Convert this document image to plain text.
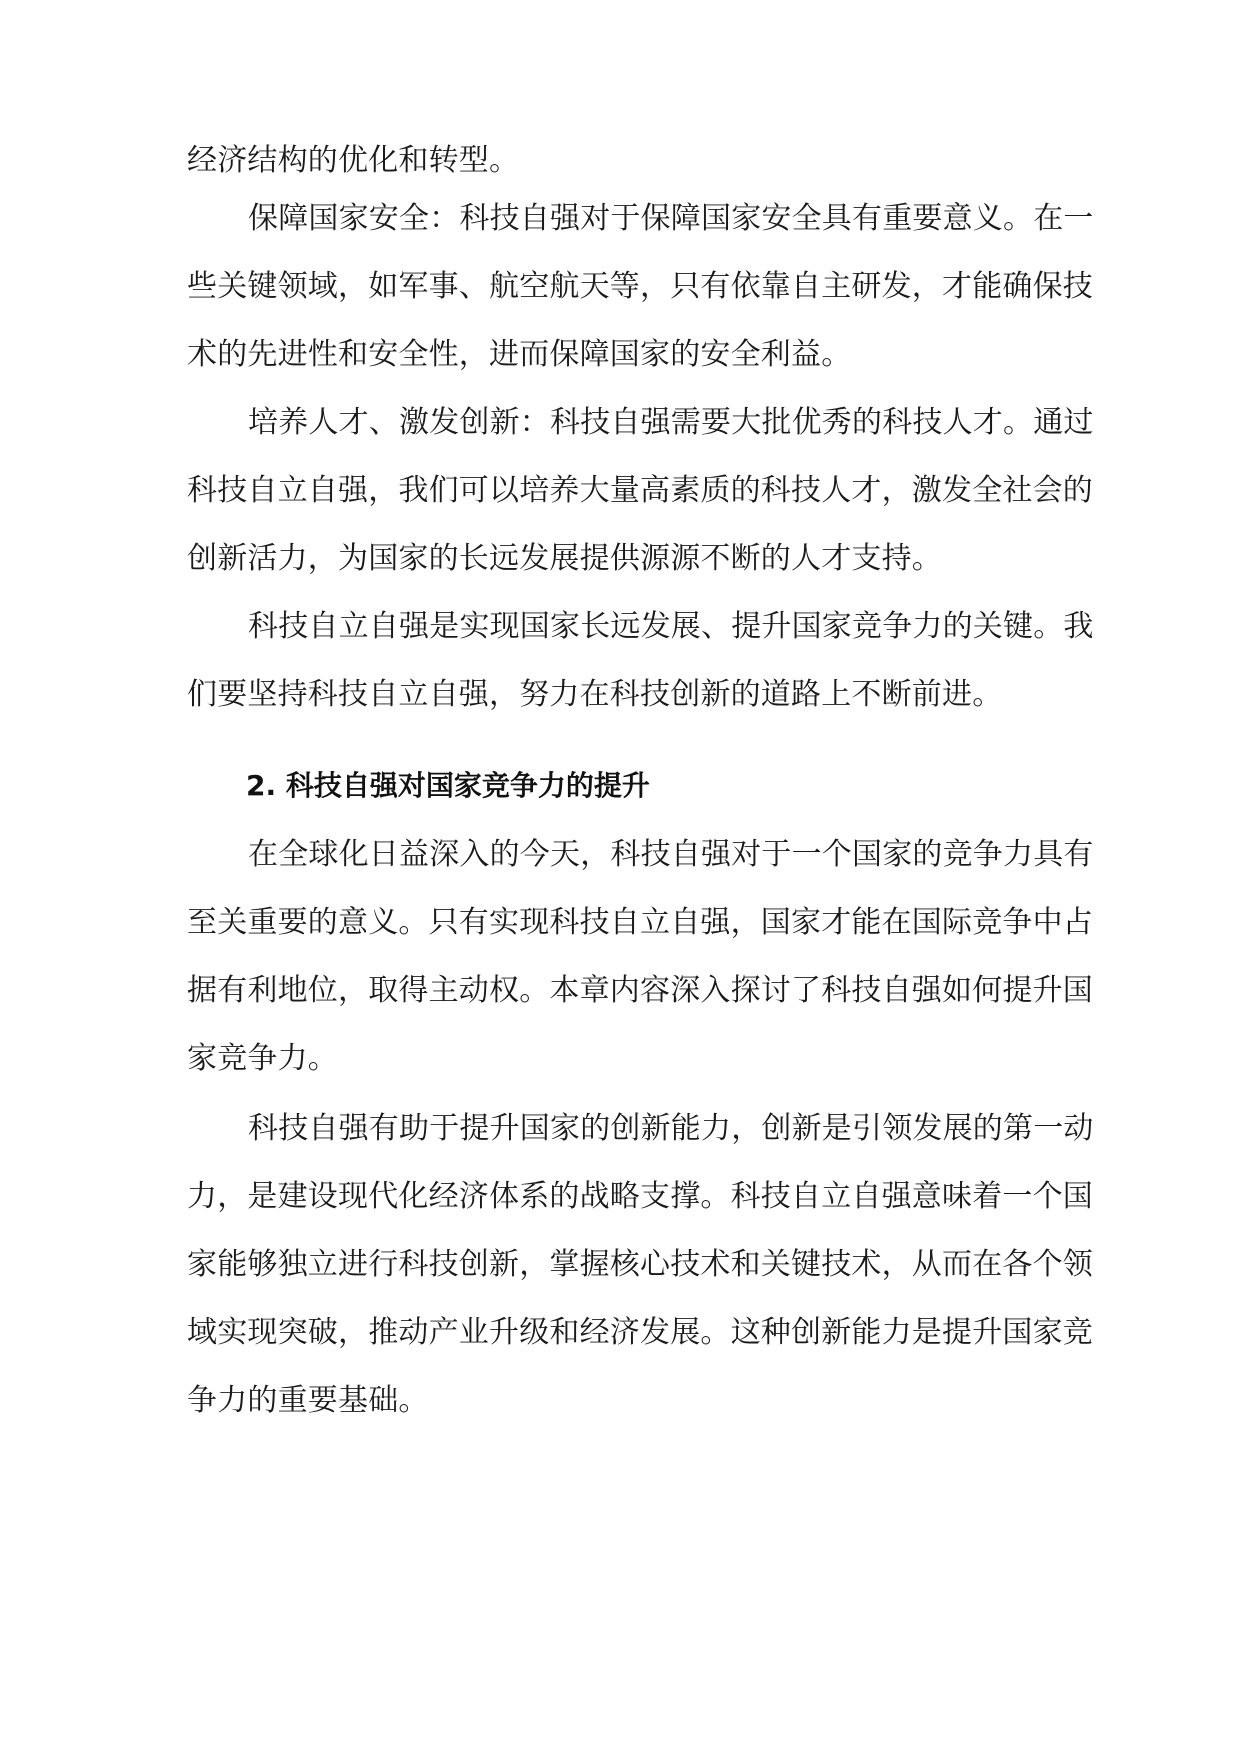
经济结构的优化和转型。

保障国家安全：科技自强对于保障国家安全具有重要意义。在一

些关键领域，如军事、航空航天等，只有依靠自主研发，才能确保技

术的先进性和安全性，进而保障国家的安全利益。

培养人才、激发创新：科技自强需要大批优秀的科技人才。通过

科技自立自强，我们可以培养大量高素质的科技人才，激发全社会的

创新活力，为国家的长远发展提供源源不断的人才支持。

科技自立自强是实现国家长远发展、提升国家竞争力的关键。我

们要坚持科技自立自强，努力在科技创新的道路上不断前进。

2. 科技自强对国家竞争力的提升

在全球化日益深入的今天，科技自强对于一个国家的竞争力具有

至关重要的意义。只有实现科技自立自强，国家才能在国际竞争中占

据有利地位，取得主动权。本章内容深入探讨了科技自强如何提升国

家竞争力。

科技自强有助于提升国家的创新能力，创新是引领发展的第一动

力，是建设现代化经济体系的战略支撑。科技自立自强意味着一个国

家能够独立进行科技创新，掌握核心技术和关键技术，从而在各个领

域实现突破，推动产业升级和经济发展。这种创新能力是提升国家竞

争力的重要基础。
